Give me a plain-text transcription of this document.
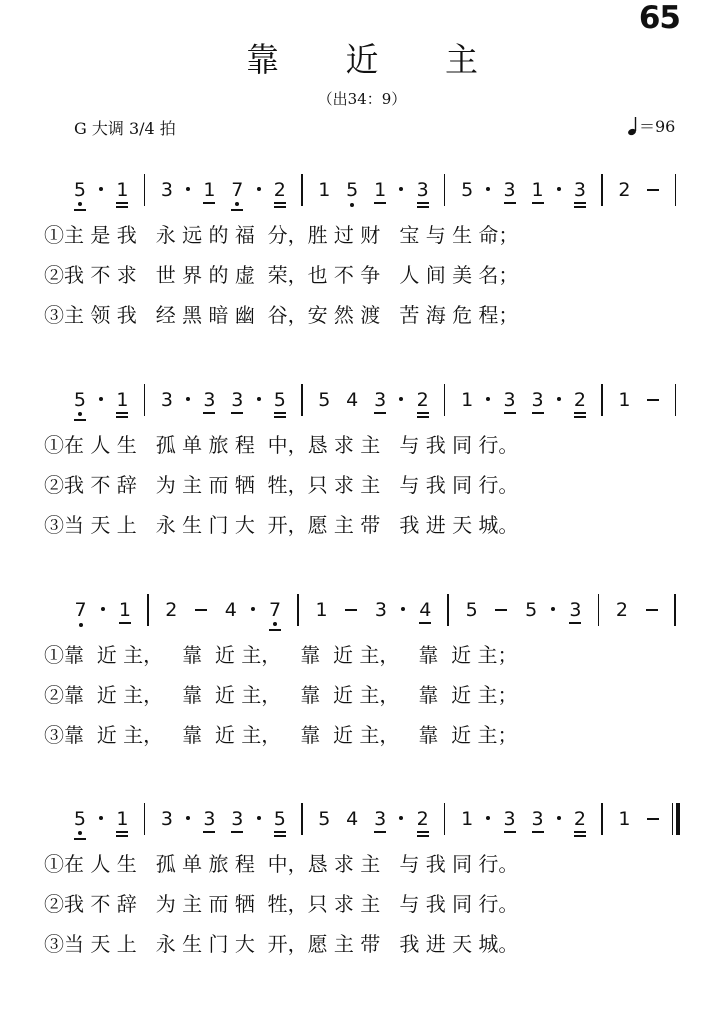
65
靠 近 主
（出34：9）
G 大调 3/4 拍	＝96
5 1 3 1 7 2 1 5 1 3 5 3 1 3 2
①主 是 我   永 远 的 福  分，胜 过 财   宝 与 生 命；
②我 不 求   世 界 的 虚  荣，也 不 争   人 间 美 名；
③主 领 我   经 黑 暗 幽  谷，安 然 渡   苦 海 危 程；
5 1 3 3 3 5 5 4 3 2 1 3 3 2 1
①在 人 生   孤 单 旅 程  中，恳 求 主   与 我 同 行。
②我 不 辞   为 主 而 牺  牲，只 求 主   与 我 同 行。
③当 天 上   永 生 门 大  开，愿 主 带   我 进 天 城。
7 1 2 4 7 1 3 4 5 5 3 2
①靠  近 主，   靠  近 主，   靠  近 主，   靠  近 主；
②靠  近 主，   靠  近 主，   靠  近 主，   靠  近 主；
③靠  近 主，   靠  近 主，   靠  近 主，   靠  近 主；
5 1 3 3 3 5 5 4 3 2 1 3 3 2 1
①在 人 生   孤 单 旅 程  中，恳 求 主   与 我 同 行。
②我 不 辞   为 主 而 牺  牲，只 求 主   与 我 同 行。
③当 天 上   永 生 门 大  开，愿 主 带   我 进 天 城。
